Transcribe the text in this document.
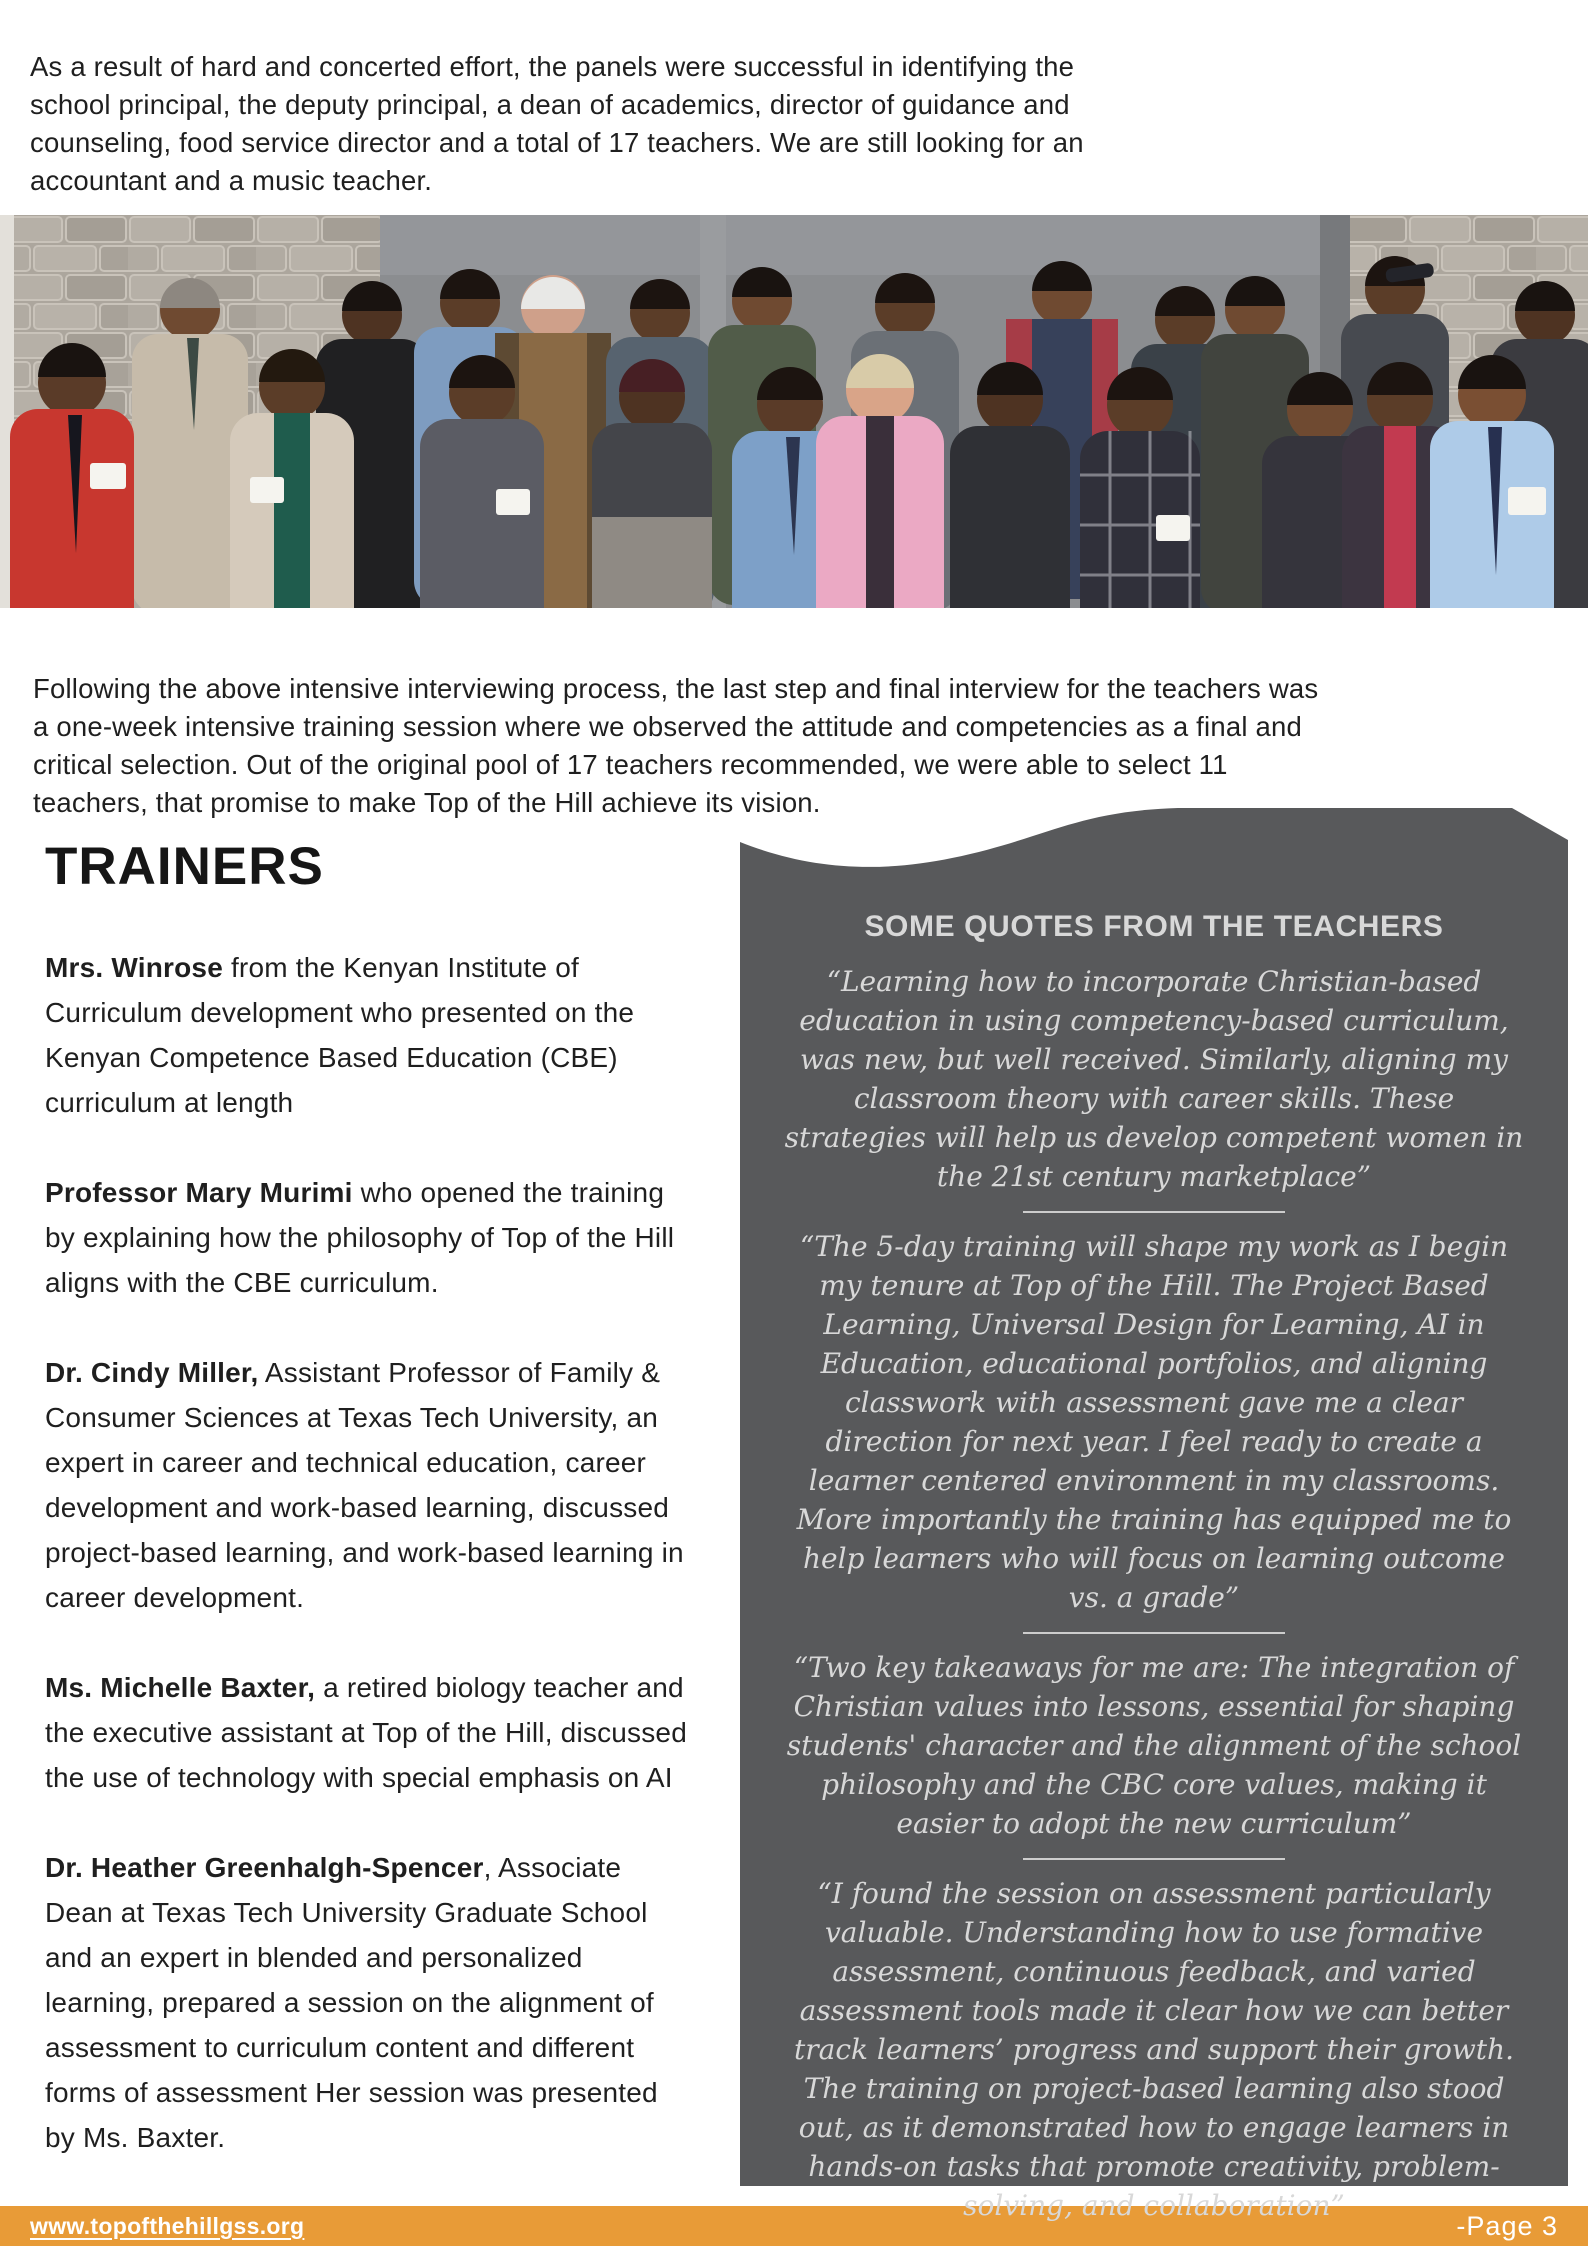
As a result of hard and concerted effort, the panels were successful in identifying the school principal, the deputy principal, a dean of academics, director of guidance and counseling, food service director and a total of 17 teachers. We are still looking for an accountant and a music teacher.

Following the above intensive interviewing process, the last step and final interview for the teachers was a one-week intensive training session where we observed the attitude and competencies as a final and critical selection. Out of the original pool of 17 teachers recommended, we were able to select 11 teachers, that promise to make Top of the Hill achieve its vision.

TRAINERS

Mrs. Winrose from the Kenyan Institute of Curriculum development who presented on the Kenyan Competence Based Education (CBE) curriculum at length

Professor Mary Murimi who opened the training by explaining how the philosophy of Top of the Hill aligns with the CBE curriculum.

Dr. Cindy Miller, Assistant Professor of Family & Consumer Sciences at Texas Tech University, an expert in career and technical education, career development and work-based learning, discussed project-based learning, and work-based learning in career development.

Ms. Michelle Baxter, a retired biology teacher and the executive assistant at Top of the Hill, discussed the use of technology with special emphasis on AI

Dr. Heather Greenhalgh-Spencer, Associate Dean at Texas Tech University Graduate School and an expert in blended and personalized learning, prepared a session on the alignment of assessment to curriculum content and different forms of assessment Her session was presented by Ms. Baxter.

SOME QUOTES FROM THE TEACHERS

“Learning how to incorporate Christian-based education in using competency-based curriculum, was new, but well received. Similarly, aligning my classroom theory with career skills. These strategies will help us develop competent women in the 21st century marketplace”

“The 5-day training will shape my work as I begin my tenure at Top of the Hill. The Project Based Learning, Universal Design for Learning, AI in Education, educational portfolios, and aligning classwork with assessment gave me a clear direction for next year. I feel ready to create a learner centered environment in my classrooms. More importantly the training has equipped me to help learners who will focus on learning outcome vs. a grade”

“Two key takeaways for me are: The integration of Christian values into lessons, essential for shaping students' character and the alignment of the school philosophy and the CBC core values, making it easier to adopt the new curriculum”

“I found the session on assessment particularly valuable. Understanding how to use formative assessment, continuous feedback, and varied assessment tools made it clear how we can better track learners’ progress and support their growth. The training on project-based learning also stood out, as it demonstrated how to engage learners in hands-on tasks that promote creativity, problem-solving, and collaboration”

www.topofthehillgss.org	-Page 3
